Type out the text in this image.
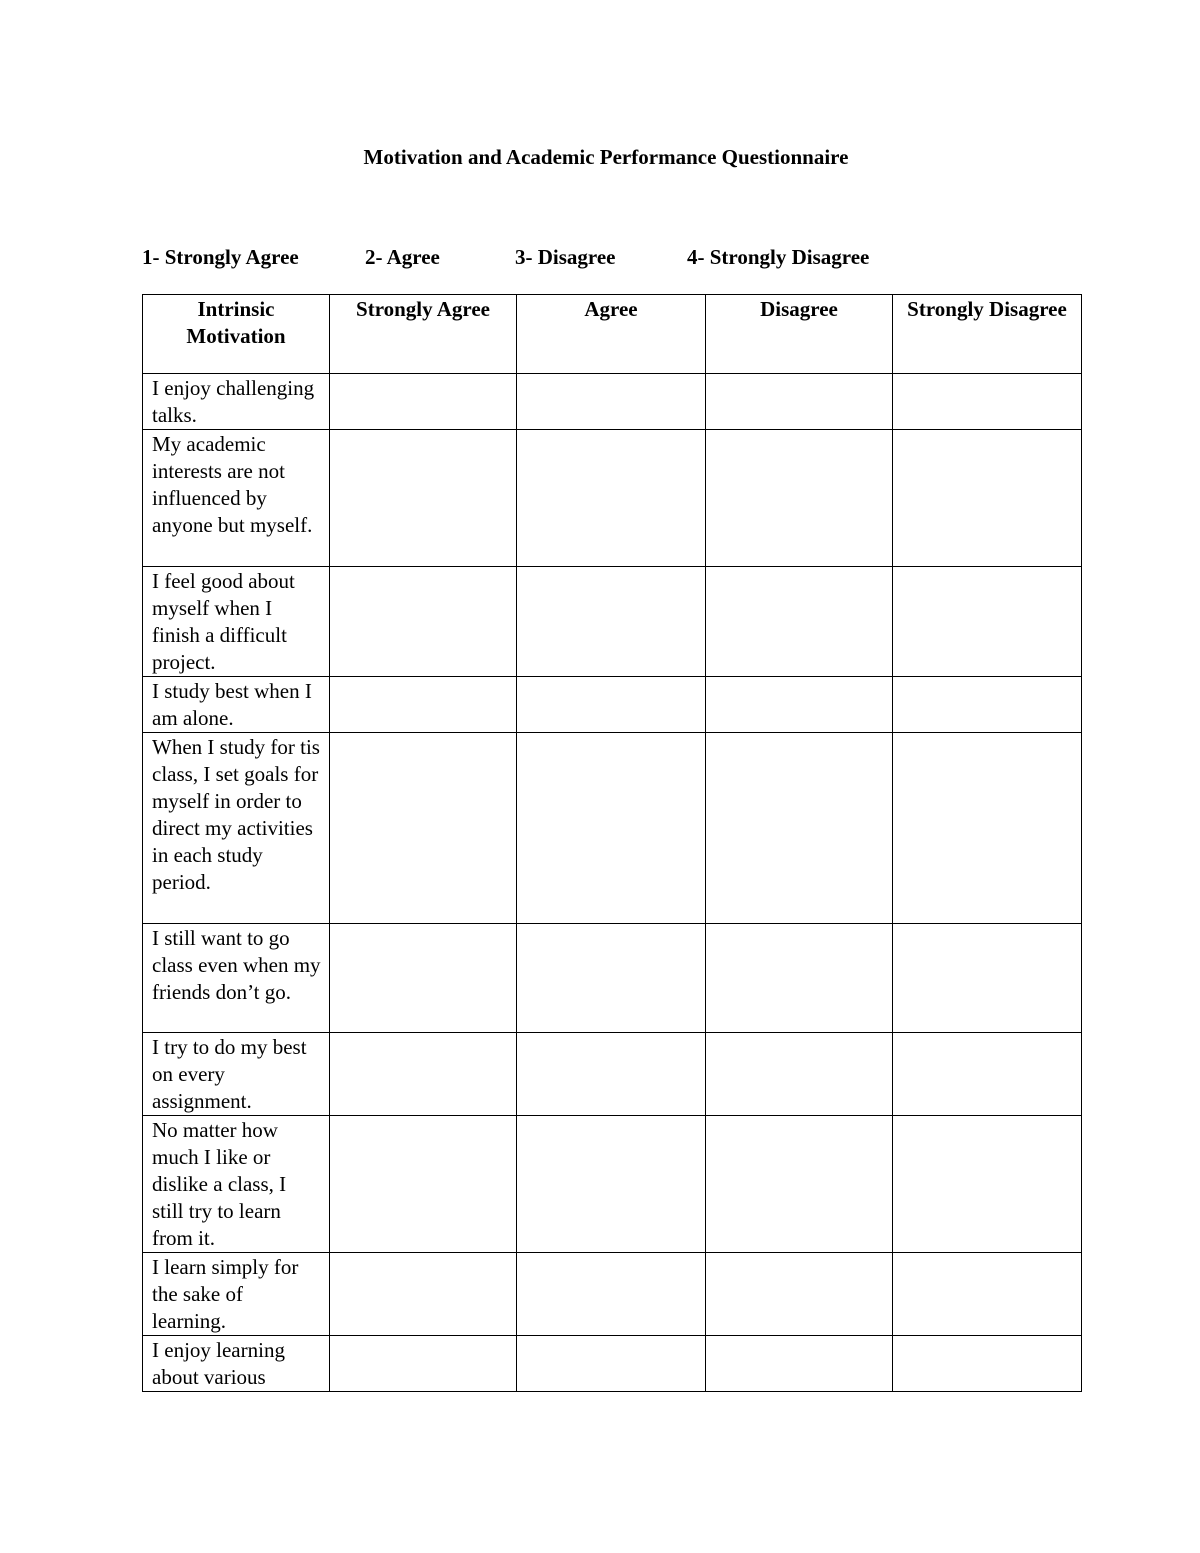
Motivation and Academic Performance Questionnaire
1- Strongly Agree	2- Agree	3- Disagree	4- Strongly Disagree
Intrinsic Motivation	Strongly Agree	Agree	Disagree	Strongly Disagree
I enjoy challenging talks.				
My academic interests are not influenced by anyone but myself.				
I feel good about myself when I finish a difficult project.				
I study best when I am alone.				
When I study for tis class, I set goals for myself in order to direct my activities in each study period.				
I still want to go class even when my friends don’t go.				
I try to do my best on every assignment.				
No matter how much I like or dislike a class, I still try to learn from it.				
I learn simply for the sake of learning.				
I enjoy learning about various				
